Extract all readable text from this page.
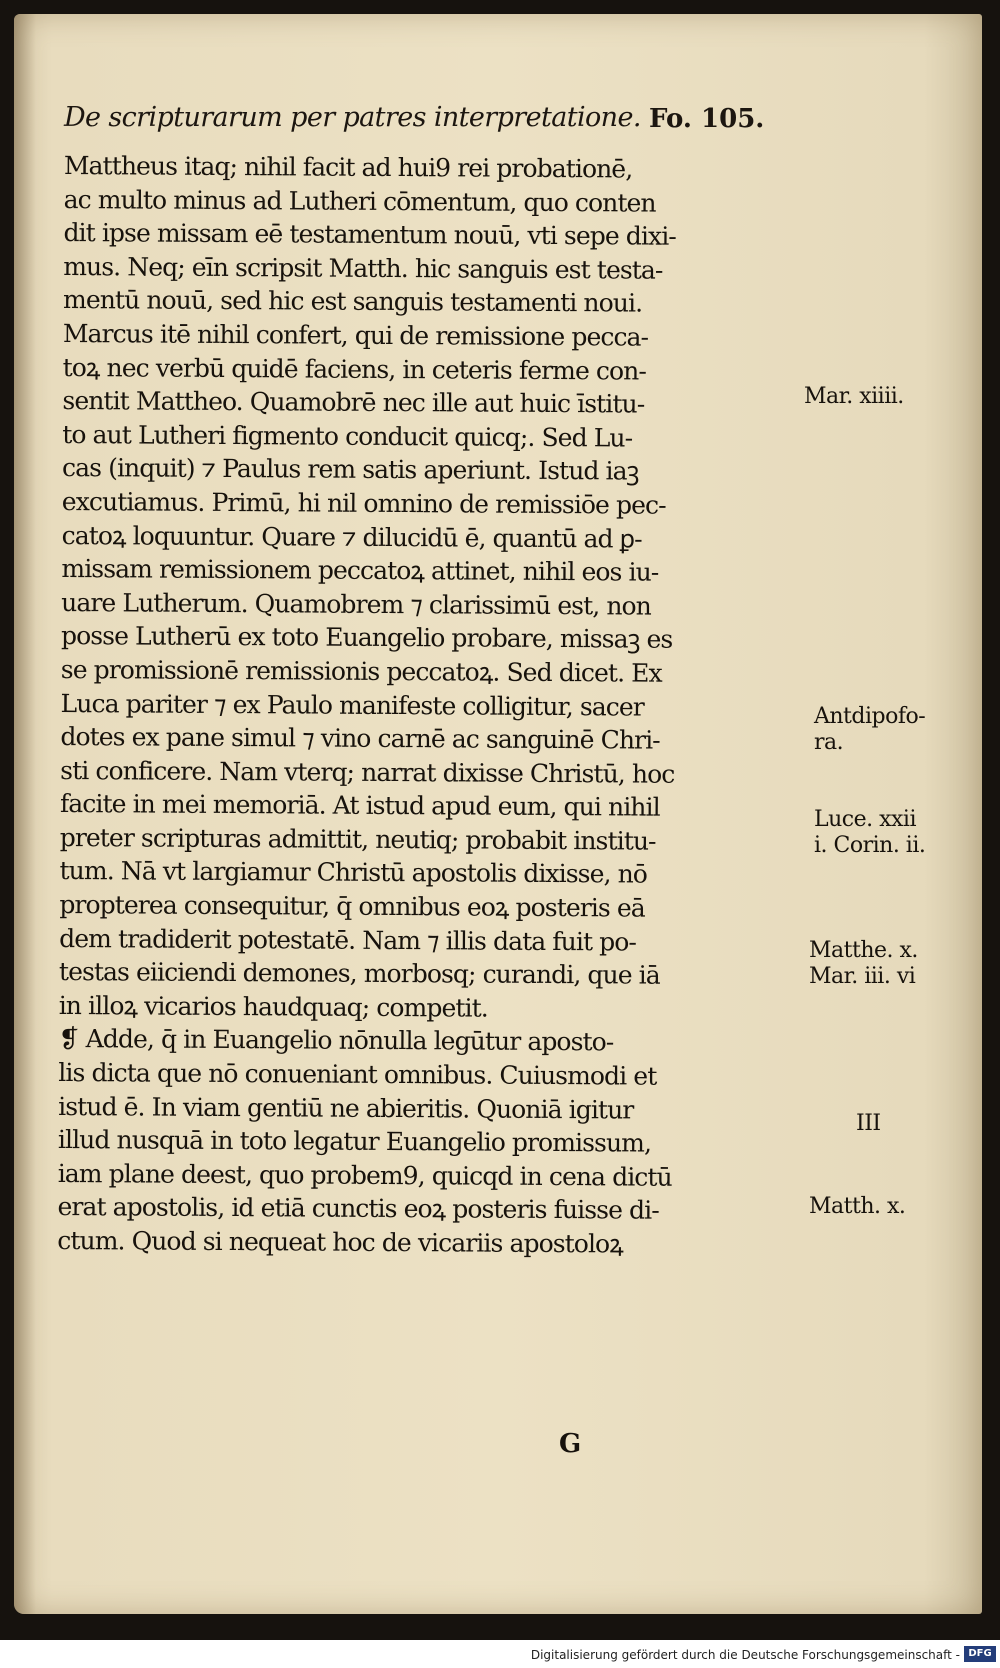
De scripturarum per patres interpretatione. Fo. 105.
Mattheus itaq; nihil facit ad hui9 rei probationē,
ac multo minus ad Lutheri cōmentum, quo conten
dit ipse missam eē testamentum nouū, vti sepe dixi-
mus. Neq; eīn scripsit Matth. hic sanguis est testa-
mentū nouū, sed hic est sanguis testamenti noui.
Marcus itē nihil confert, qui de remissione pecca-
toꝝ nec verbū quidē faciens, in ceteris ferme con-
sentit Mattheo. Quamobrē nec ille aut huic īstitu-
to aut Lutheri figmento conducit quicq;. Sed Lu-
cas (inquit) ⁊ Paulus rem satis aperiunt. Istud iaꝫ
excutiamus. Primū, hi nil omnino de remissiōe pec-
catoꝝ loquuntur. Quare ⁊ dilucidū ē, quantū ad ꝑ-
missam remissionem peccatoꝝ attinet, nihil eos iu-
uare Lutherum. Quamobrem ⁊ clarissimū est, non
posse Lutherū ex toto Euangelio probare, missaꝫ es
se promissionē remissionis peccatoꝝ. Sed dicet. Ex
Luca pariter ⁊ ex Paulo manifeste colligitur, sacer
dotes ex pane simul ⁊ vino carnē ac sanguinē Chri-
sti conficere. Nam vterq; narrat dixisse Christū, hoc
facite in mei memoriā. At istud apud eum, qui nihil
preter scripturas admittit, neutiq; probabit institu-
tum. Nā vt largiamur Christū apostolis dixisse, nō
propterea consequitur, q̄ omnibus eoꝝ posteris eā
dem tradiderit potestatē. Nam ⁊ illis data fuit po-
testas eiiciendi demones, morbosq; curandi, que iā
in illoꝝ vicarios haudquaq; competit.
❡ Adde, q̄ in Euangelio nōnulla legūtur aposto-
lis dicta que nō conueniant omnibus. Cuiusmodi et
istud ē. In viam gentiū ne abieritis. Quoniā igitur
illud nusquā in toto legatur Euangelio promissum,
iam plane deest, quo probem9, quicqd in cena dictū
erat apostolis, id etiā cunctis eoꝝ posteris fuisse di-
ctum. Quod si nequeat hoc de vicariis apostoloꝝ
Mar. xiiii.
Antdipofo-
ra.
Luce. xxii
i. Corin. ii.
Matthe. x.
Mar. iii. vi
III
Matth. x.
G
Digitalisierung gefördert durch die Deutsche Forschungsgemeinschaft - DFG
